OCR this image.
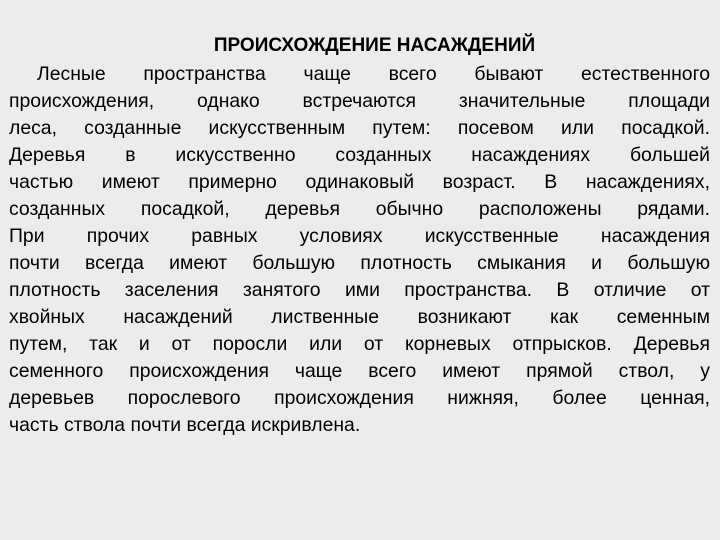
ПРОИСХОЖДЕНИЕ НАСАЖДЕНИЙ
Лесные пространства чаще всего бывают естественного
происхождения, однако встречаются значительные площади
леса, созданные искусственным путем: посевом или посадкой.
Деревья в искусственно созданных насаждениях большей
частью имеют примерно одинаковый возраст. В насаждениях,
созданных посадкой, деревья обычно расположены рядами.
При прочих равных условиях искусственные насаждения
почти всегда имеют большую плотность смыкания и большую
плотность заселения занятого ими пространства. В отличие от
хвойных насаждений лиственные возникают как семенным
путем, так и от поросли или от корневых отпрысков. Деревья
семенного происхождения чаще всего имеют прямой ствол, у
деревьев порослевого происхождения нижняя, более ценная,
часть ствола почти всегда искривлена.
